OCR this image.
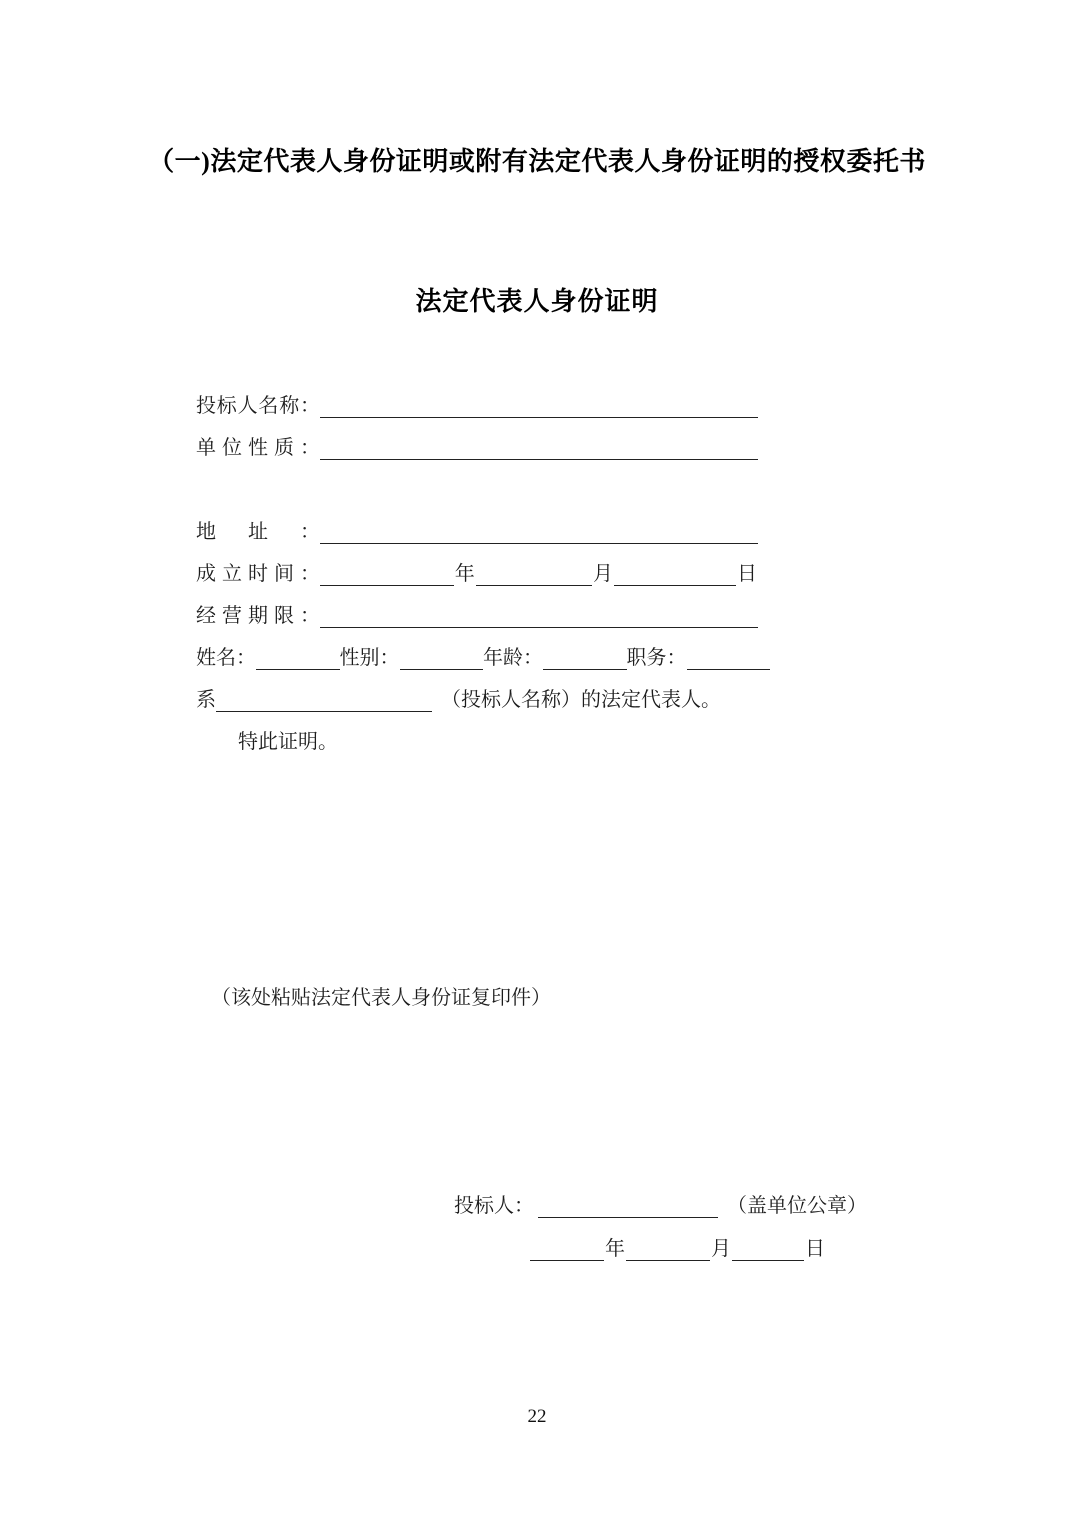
（一)法定代表人身份证明或附有法定代表人身份证明的授权委托书
法定代表人身份证明
投标人名称：
单位性质：
地址：
成立时间：	年	月	日
经营期限：
姓名：	性别：	年龄：	职务：
系	（投标人名称）的法定代表人。
特此证明。
（该处粘贴法定代表人身份证复印件）
投标人：	（盖单位公章）
年	月	日
22
